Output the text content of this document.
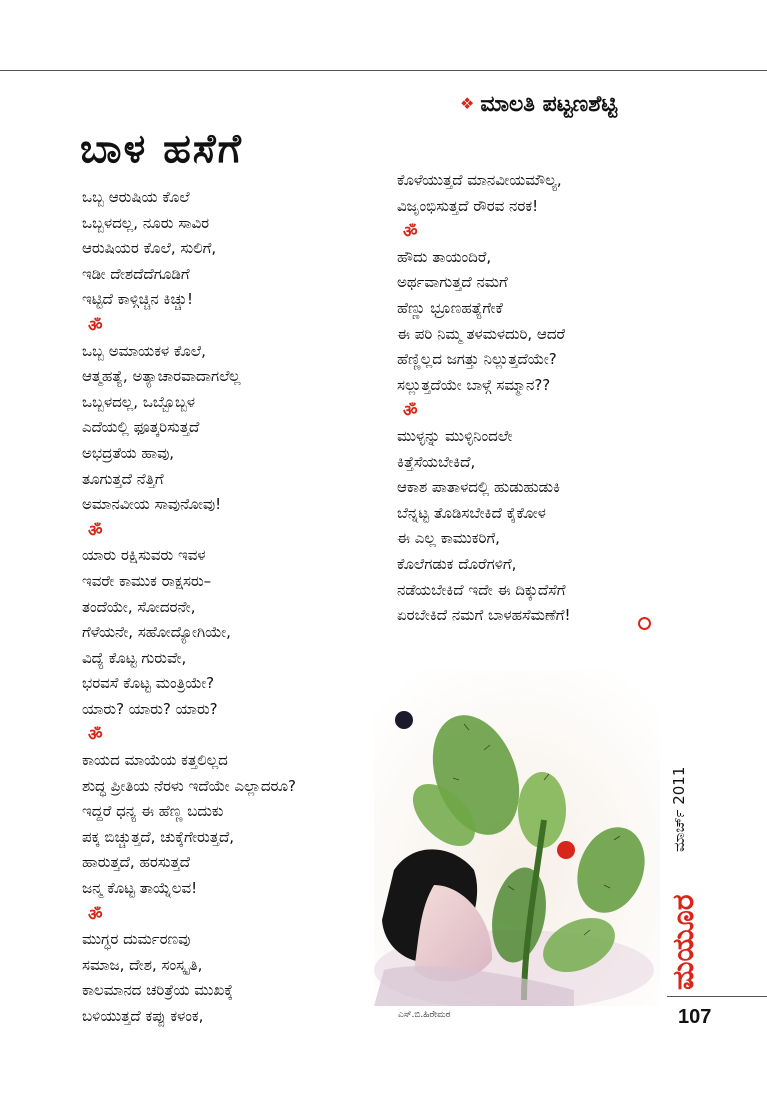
❖ ಮಾಲತಿ ಪಟ್ಟಣಶೆಟ್ಟಿ
ಬಾಳ ಹಸೆಗೆ
ಒಬ್ಬ ಆರುಷಿಯ ಕೊಲೆ
ಒಬ್ಬಳದಲ್ಲ, ನೂರು ಸಾವಿರ
ಆರುಷಿಯರ ಕೊಲೆ, ಸುಲಿಗೆ,
ಇಡೀ ದೇಶದೆದೆಗೂಡಿಗೆ
ಇಟ್ಟಿದೆ ಕಾಳ್ಗಿಚ್ಚಿನ ಕಿಚ್ಚು!
ॐ
ಒಬ್ಬ ಅಮಾಯಕಳ ಕೊಲೆ,
ಆತ್ಮಹತ್ಯೆ, ಅತ್ಯಾಚಾರವಾದಾಗಲೆಲ್ಲ
ಒಬ್ಬಳದಲ್ಲ, ಒಬ್ಬೊಬ್ಬಳ
ಎದೆಯಲ್ಲಿ ಫೂತ್ಕರಿಸುತ್ತದೆ
ಅಭದ್ರತೆಯ ಹಾವು,
ತೂಗುತ್ತದೆ ನೆತ್ತಿಗೆ
ಅಮಾನವೀಯ ಸಾವುನೋವು!
ॐ
ಯಾರು ರಕ್ಷಿಸುವರು ಇವಳ
ಇವರೇ ಕಾಮುಕ ರಾಕ್ಷಸರು–
ತಂದೆಯೇ, ಸೋದರನೇ,
ಗೆಳೆಯನೇ, ಸಹೋದ್ಯೋಗಿಯೇ,
ವಿದ್ಯೆ ಕೊಟ್ಟ ಗುರುವೇ,
ಭರವಸೆ ಕೊಟ್ಟ ಮಂತ್ರಿಯೇ?
ಯಾರು? ಯಾರು? ಯಾರು?
ॐ
ಕಾಯದ ಮಾಯೆಯ ಕತ್ತಲಿಲ್ಲದ
ಶುದ್ಧ ಪ್ರೀತಿಯ ನೆರಳು ಇದೆಯೇ ಎಲ್ಲಾದರೂ?
ಇದ್ದರೆ ಧನ್ಯ ಈ ಹೆಣ್ಣ ಬದುಕು
ಪಕ್ಕ ಬಿಚ್ಚುತ್ತದೆ, ಚುಕ್ಕೆಗೇರುತ್ತದೆ,
ಹಾರುತ್ತದೆ, ಹರಸುತ್ತದೆ
ಜನ್ಮ ಕೊಟ್ಟ ತಾಯ್ನೆಲವ!
ॐ
ಮುಗ್ಧರ ದುರ್ಮರಣವು
ಸಮಾಜ, ದೇಶ, ಸಂಸ್ಕೃತಿ,
ಕಾಲಮಾನದ ಚರಿತ್ರೆಯ ಮುಖಕ್ಕೆ
ಬಳಿಯುತ್ತದೆ ಕಪ್ಪು ಕಳಂಕ,
ಕೊಳೆಯುತ್ತದೆ ಮಾನವೀಯಮೌಲ್ಯ,
ವಿಜೃಂಭಿಸುತ್ತದೆ ರೌರವ ನರಕ!
ॐ
ಹೌದು ತಾಯಂದಿರೆ,
ಅರ್ಥವಾಗುತ್ತದೆ ನಮಗೆ
ಹೆಣ್ಣು ಭ್ರೂಣಹತ್ಯೆಗೇಕೆ
ಈ ಪರಿ ನಿಮ್ಮ ತಳಮಳದುರಿ, ಆದರೆ
ಹೆಣ್ಣಿಲ್ಲದ ಜಗತ್ತು ನಿಲ್ಲುತ್ತದೆಯೇ?
ಸಲ್ಲುತ್ತದೆಯೇ ಬಾಳ್ಗೆ ಸಮ್ಮಾನ??
ॐ
ಮುಳ್ಳನ್ನು ಮುಳ್ಳಿನಿಂದಲೇ
ಕಿತ್ತೆಸೆಯಬೇಕಿದೆ,
ಆಕಾಶ ಪಾತಾಳದಲ್ಲಿ ಹುಡುಹುಡುಕಿ
ಬೆನ್ನಟ್ಟ ತೊಡಿಸಬೇಕಿದೆ ಕೈಕೋಳ
ಈ ಎಲ್ಲ ಕಾಮುಕರಿಗೆ,
ಕೊಲೆಗಡುಕ ದೊರೆಗಳಿಗೆ,
ನಡೆಯಬೇಕಿದೆ ಇದೇ ಈ ದಿಕ್ಕುದೆಸೆಗೆ
ಏರಬೇಕಿದೆ ನಮಗೆ ಬಾಳಹಸೆಮಣೆಗೆ!
ಎಸ್.ಬಿ.ಹಿರೇಮಠ
ಮಾರ್ಚ್ 2011
ಮಯೂರ
107
